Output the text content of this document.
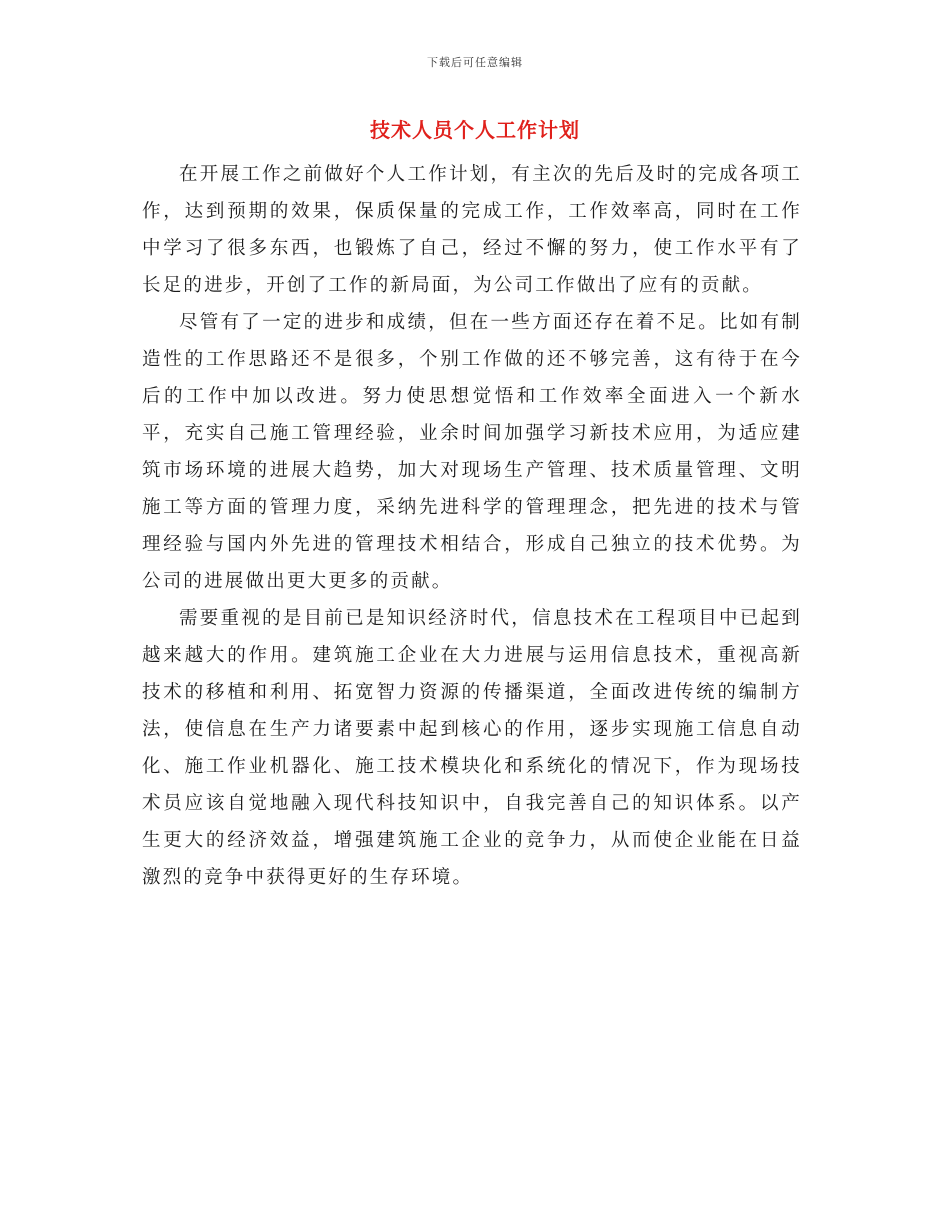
下载后可任意编辑
技术人员个人工作计划

在开展工作之前做好个人工作计划，有主次的先后及时的完成各项工作，达到预期的效果，保质保量的完成工作，工作效率高，同时在工作中学习了很多东西，也锻炼了自己，经过不懈的努力，使工作水平有了长足的进步，开创了工作的新局面，为公司工作做出了应有的贡献。

尽管有了一定的进步和成绩，但在一些方面还存在着不足。比如有制造性的工作思路还不是很多，个别工作做的还不够完善，这有待于在今后的工作中加以改进。努力使思想觉悟和工作效率全面进入一个新水平，充实自己施工管理经验，业余时间加强学习新技术应用，为适应建筑市场环境的进展大趋势，加大对现场生产管理、技术质量管理、文明施工等方面的管理力度，采纳先进科学的管理理念，把先进的技术与管理经验与国内外先进的管理技术相结合，形成自己独立的技术优势。为公司的进展做出更大更多的贡献。

需要重视的是目前已是知识经济时代，信息技术在工程项目中已起到越来越大的作用。建筑施工企业在大力进展与运用信息技术，重视高新技术的移植和利用、拓宽智力资源的传播渠道，全面改进传统的编制方法，使信息在生产力诸要素中起到核心的作用，逐步实现施工信息自动化、施工作业机器化、施工技术模块化和系统化的情况下，作为现场技术员应该自觉地融入现代科技知识中，自我完善自己的知识体系。以产生更大的经济效益，增强建筑施工企业的竞争力，从而使企业能在日益激烈的竞争中获得更好的生存环境。
